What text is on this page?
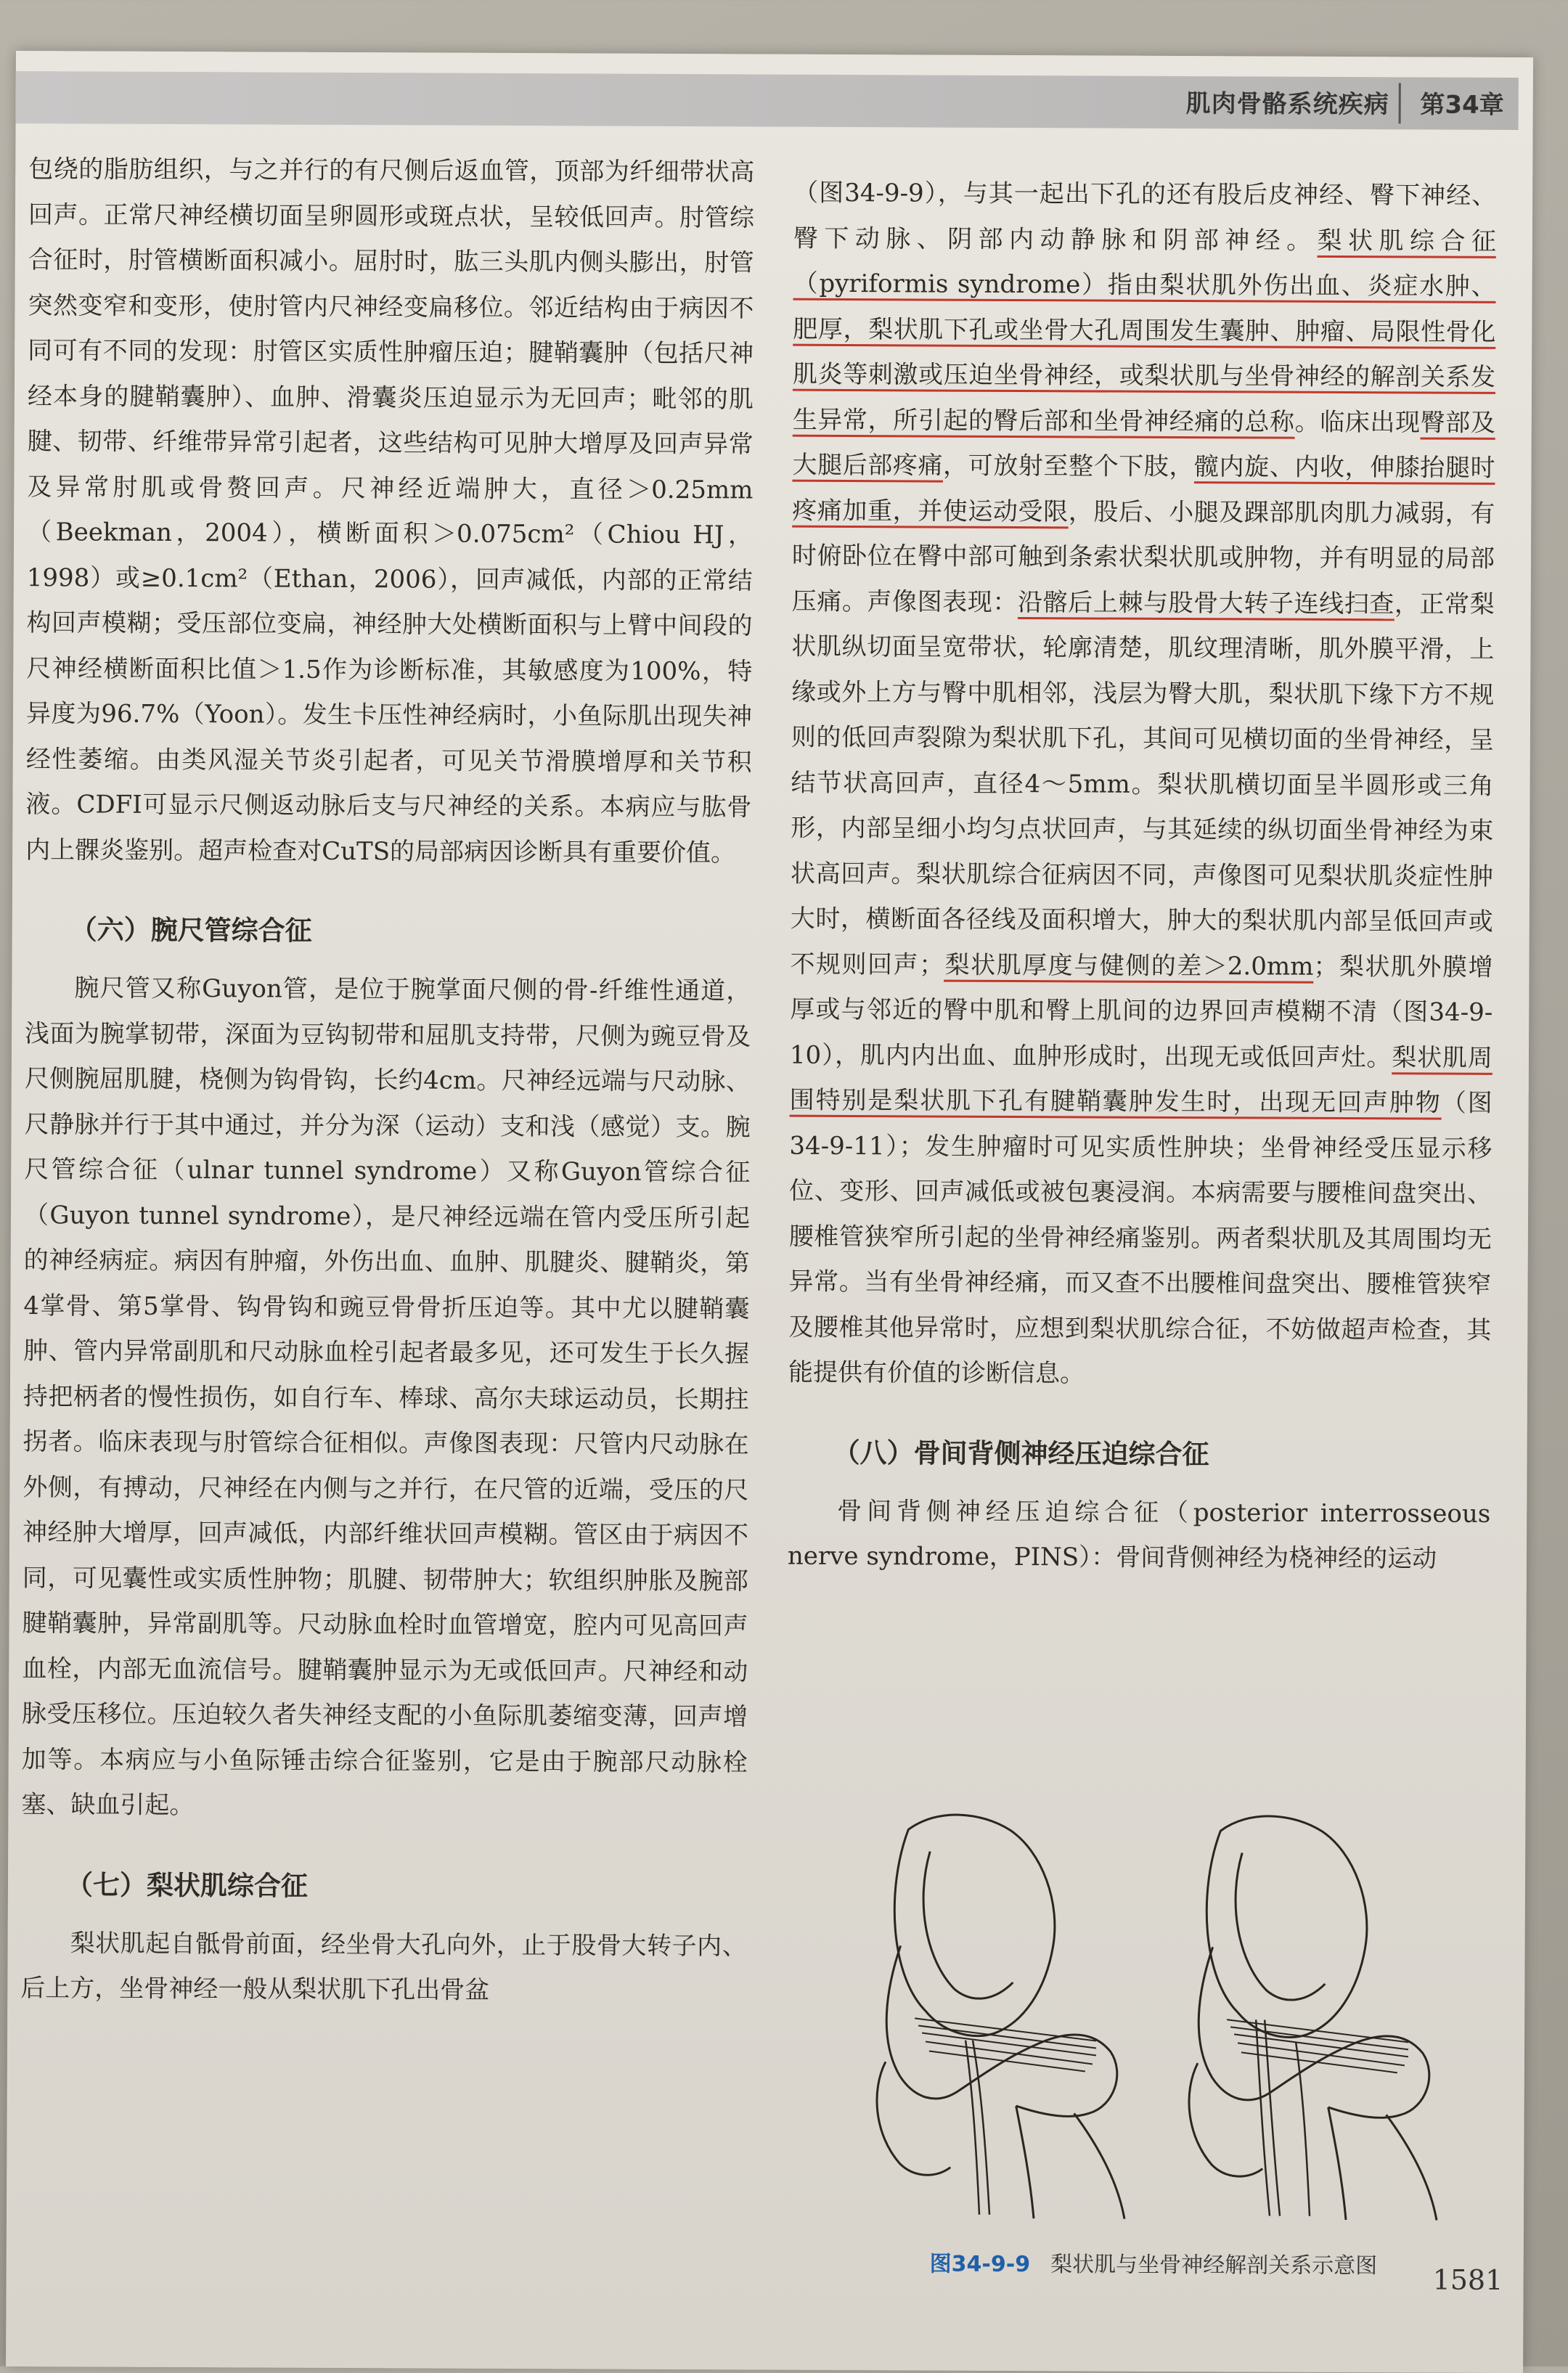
肌肉骨骼系统疾病 第34章

包绕的脂肪组织，与之并行的有尺侧后返血管，顶部为纤细带状高回声。正常尺神经横切面呈卵圆形或斑点状，呈较低回声。肘管综合征时，肘管横断面积减小。屈肘时，肱三头肌内侧头膨出，肘管突然变窄和变形，使肘管内尺神经变扁移位。邻近结构由于病因不同可有不同的发现：肘管区实质性肿瘤压迫；腱鞘囊肿（包括尺神经本身的腱鞘囊肿）、血肿、滑囊炎压迫显示为无回声；毗邻的肌腱、韧带、纤维带异常引起者，这些结构可见肿大增厚及回声异常及异常肘肌或骨赘回声。尺神经近端肿大，直径＞0.25mm（Beekman，2004），横断面积＞0.075cm²（Chiou HJ，1998）或≥0.1cm²（Ethan，2006），回声减低，内部的正常结构回声模糊；受压部位变扁，神经肿大处横断面积与上臂中间段的尺神经横断面积比值＞1.5作为诊断标准，其敏感度为100%，特异度为96.7%（Yoon）。发生卡压性神经病时，小鱼际肌出现失神经性萎缩。由类风湿关节炎引起者，可见关节滑膜增厚和关节积液。CDFI可显示尺侧返动脉后支与尺神经的关系。本病应与肱骨内上髁炎鉴别。超声检查对CuTS的局部病因诊断具有重要价值。

（六）腕尺管综合征

腕尺管又称Guyon管，是位于腕掌面尺侧的骨-纤维性通道，浅面为腕掌韧带，深面为豆钩韧带和屈肌支持带，尺侧为豌豆骨及尺侧腕屈肌腱，桡侧为钩骨钩，长约4cm。尺神经远端与尺动脉、尺静脉并行于其中通过，并分为深（运动）支和浅（感觉）支。腕尺管综合征（ulnar tunnel syndrome）又称Guyon管综合征（Guyon tunnel syndrome），是尺神经远端在管内受压所引起的神经病症。病因有肿瘤，外伤出血、血肿、肌腱炎、腱鞘炎，第4掌骨、第5掌骨、钩骨钩和豌豆骨骨折压迫等。其中尤以腱鞘囊肿、管内异常副肌和尺动脉血栓引起者最多见，还可发生于长久握持把柄者的慢性损伤，如自行车、棒球、高尔夫球运动员，长期拄拐者。临床表现与肘管综合征相似。声像图表现：尺管内尺动脉在外侧，有搏动，尺神经在内侧与之并行，在尺管的近端，受压的尺神经肿大增厚，回声减低，内部纤维状回声模糊。管区由于病因不同，可见囊性或实质性肿物；肌腱、韧带肿大；软组织肿胀及腕部腱鞘囊肿，异常副肌等。尺动脉血栓时血管增宽，腔内可见高回声血栓，内部无血流信号。腱鞘囊肿显示为无或低回声。尺神经和动脉受压移位。压迫较久者失神经支配的小鱼际肌萎缩变薄，回声增加等。本病应与小鱼际锤击综合征鉴别，它是由于腕部尺动脉栓塞、缺血引起。

（七）梨状肌综合征

梨状肌起自骶骨前面，经坐骨大孔向外，止于股骨大转子内、后上方，坐骨神经一般从梨状肌下孔出骨盆

（图34-9-9），与其一起出下孔的还有股后皮神经、臀下神经、臀下动脉、阴部内动静脉和阴部神经。梨状肌综合征（pyriformis syndrome）指由梨状肌外伤出血、炎症水肿、肥厚，梨状肌下孔或坐骨大孔周围发生囊肿、肿瘤、局限性骨化肌炎等刺激或压迫坐骨神经，或梨状肌与坐骨神经的解剖关系发生异常，所引起的臀后部和坐骨神经痛的总称。临床出现臀部及大腿后部疼痛，可放射至整个下肢，髋内旋、内收，伸膝抬腿时疼痛加重，并使运动受限，股后、小腿及踝部肌肉肌力减弱，有时俯卧位在臀中部可触到条索状梨状肌或肿物，并有明显的局部压痛。声像图表现：沿髂后上棘与股骨大转子连线扫查，正常梨状肌纵切面呈宽带状，轮廓清楚，肌纹理清晰，肌外膜平滑，上缘或外上方与臀中肌相邻，浅层为臀大肌，梨状肌下缘下方不规则的低回声裂隙为梨状肌下孔，其间可见横切面的坐骨神经，呈结节状高回声，直径4～5mm。梨状肌横切面呈半圆形或三角形，内部呈细小均匀点状回声，与其延续的纵切面坐骨神经为束状高回声。梨状肌综合征病因不同，声像图可见梨状肌炎症性肿大时，横断面各径线及面积增大，肿大的梨状肌内部呈低回声或不规则回声；梨状肌厚度与健侧的差＞2.0mm；梨状肌外膜增厚或与邻近的臀中肌和臀上肌间的边界回声模糊不清（图34-9-10），肌内内出血、血肿形成时，出现无或低回声灶。梨状肌周围特别是梨状肌下孔有腱鞘囊肿发生时，出现无回声肿物（图34-9-11）；发生肿瘤时可见实质性肿块；坐骨神经受压显示移位、变形、回声减低或被包裹浸润。本病需要与腰椎间盘突出、腰椎管狭窄所引起的坐骨神经痛鉴别。两者梨状肌及其周围均无异常。当有坐骨神经痛，而又查不出腰椎间盘突出、腰椎管狭窄及腰椎其他异常时，应想到梨状肌综合征，不妨做超声检查，其能提供有价值的诊断信息。

（八）骨间背侧神经压迫综合征

骨间背侧神经压迫综合征（posterior interrosseous nerve syndrome，PINS）：骨间背侧神经为桡神经的运动

图34-9-9 梨状肌与坐骨神经解剖关系示意图 1581
